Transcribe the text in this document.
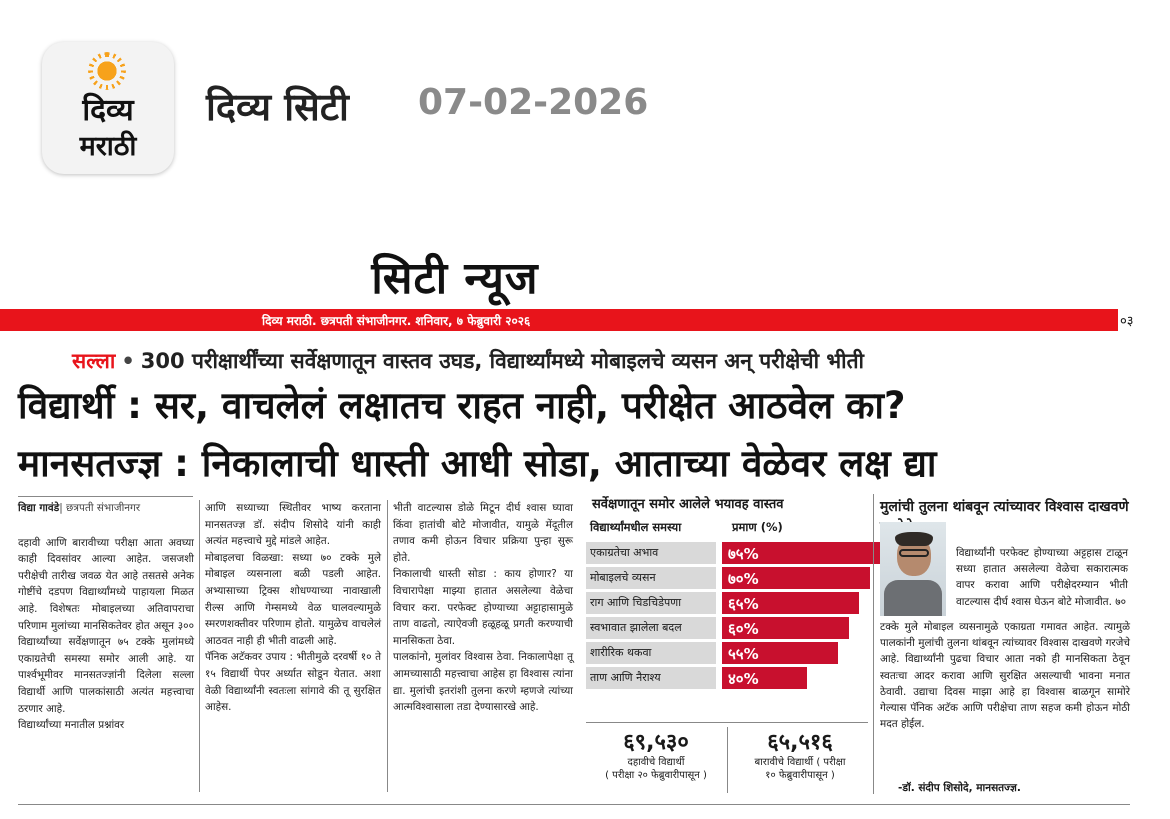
दिव्य
मराठी
दिव्य सिटी 07-02-2026
सिटी न्यूज
दिव्य मराठी. छत्रपती संभाजीनगर. शनिवार, ७ फेब्रुवारी २०२६	०३
सल्ला • 300 परीक्षार्थींच्या सर्वेक्षणातून वास्तव उघड, विद्यार्थ्यांमध्ये मोबाइलचे व्यसन अन् परीक्षेची भीती
विद्यार्थी : सर, वाचलेलं लक्षातच राहत नाही, परीक्षेत आठवेल का?
मानसतज्ज्ञ : निकालाची धास्ती आधी सोडा, आताच्या वेळेवर लक्ष द्या
विद्या गावंडे| छत्रपती संभाजीनगर
दहावी आणि बारावीच्या परीक्षा आता अवघ्या काही दिवसांवर आल्या आहेत. जसजशी परीक्षेची तारीख जवळ येत आहे तसतसे अनेक गोष्टींचे दडपण विद्यार्थ्यांमध्ये पाहायला मिळत आहे. विशेषतः मोबाइलच्या अतिवापराचा परिणाम मुलांच्या मानसिकतेवर होत असून ३०० विद्यार्थ्यांच्या सर्वेक्षणातून ७५ टक्के मुलांमध्ये एकाग्रतेची समस्या समोर आली आहे. या पार्श्वभूमीवर मानसतज्ज्ञांनी दिलेला सल्ला विद्यार्थी आणि पालकांसाठी अत्यंत महत्त्वाचा ठरणार आहे.
विद्यार्थ्यांच्या मनातील प्रश्नांवर
आणि सध्याच्या स्थितीवर भाष्य करताना मानसतज्ज्ञ डॉ. संदीप शिसोदे यांनी काही अत्यंत महत्त्वाचे मुद्दे मांडले आहेत.
मोबाइलचा विळखा: सध्या ७० टक्के मुले मोबाइल व्यसनाला बळी पडली आहेत. अभ्यासाच्या ट्रिक्स शोधण्याच्या नावाखाली रील्स आणि गेम्समध्ये वेळ घालवल्यामुळे स्मरणशक्तीवर परिणाम होतो. यामुळेच वाचलेलं आठवत नाही ही भीती वाढली आहे.
पॅनिक अटॅकवर उपाय : भीतीमुळे दरवर्षी १० ते १५ विद्यार्थी पेपर अर्ध्यात सोडून येतात. अशा वेळी विद्यार्थ्यांनी स्वतःला सांगावे की तू सुरक्षित आहेस.
भीती वाटल्यास डोळे मिटून दीर्घ श्वास घ्यावा किंवा हातांची बोटे मोजावीत, यामुळे मेंदूतील तणाव कमी होऊन विचार प्रक्रिया पुन्हा सुरू होते.
निकालाची धास्ती सोडा : काय होणार? या विचारापेक्षा माझ्या हातात असलेल्या वेळेचा विचार करा. परफेक्ट होण्याच्या अट्टाहासामुळे ताण वाढतो, त्याऐवजी हळूहळू प्रगती करण्याची मानसिकता ठेवा.
पालकांनो, मुलांवर विश्वास ठेवा. निकालापेक्षा तू आमच्यासाठी महत्त्वाचा आहेस हा विश्वास त्यांना द्या. मुलांची इतरांशी तुलना करणे म्हणजे त्यांच्या आत्मविश्वासाला तडा देण्यासारखे आहे.
सर्वेक्षणातून समोर आलेले भयावह वास्तव
विद्यार्थ्यांमधील समस्या	प्रमाण (%)
एकाग्रतेचा अभाव	७५%
मोबाइलचे व्यसन	७०%
राग आणि चिडचिडेपणा	६५%
स्वभावात झालेला बदल	६०%
शारीरिक थकवा	५५%
ताण आणि नैराश्य	४०%
६९,५३०
दहावीचे विद्यार्थी
( परीक्षा २० फेब्रुवारीपासून )
६५,५१६
बारावीचे विद्यार्थी ( परीक्षा
१० फेब्रुवारीपासून )
मुलांची तुलना थांबवून त्यांच्यावर विश्वास दाखवणे
विद्यार्थ्यांनी परफेक्ट होण्याच्या अट्टहास टाळून सध्या हातात असलेल्या वेळेचा सकारात्मक वापर करावा आणि परीक्षेदरम्यान भीती वाटल्यास दीर्घ श्वास घेऊन बोटे मोजावीत. ७०
टक्के मुले मोबाइल व्यसनामुळे एकाग्रता गमावत आहेत. त्यामुळे पालकांनी मुलांची तुलना थांबवून त्यांच्यावर विश्वास दाखवणे गरजेचे आहे. विद्यार्थ्यांनी पुढचा विचार आता नको ही मानसिकता ठेवून स्वतःचा आदर करावा आणि सुरक्षित असल्याची भावना मनात ठेवावी. उद्याचा दिवस माझा आहे हा विश्वास बाळगून सामोरे गेल्यास पॅनिक अटॅक आणि परीक्षेचा ताण सहज कमी होऊन मोठी मदत होईल.
-डॉ. संदीप शिसोदे, मानसतज्ज्ञ.
